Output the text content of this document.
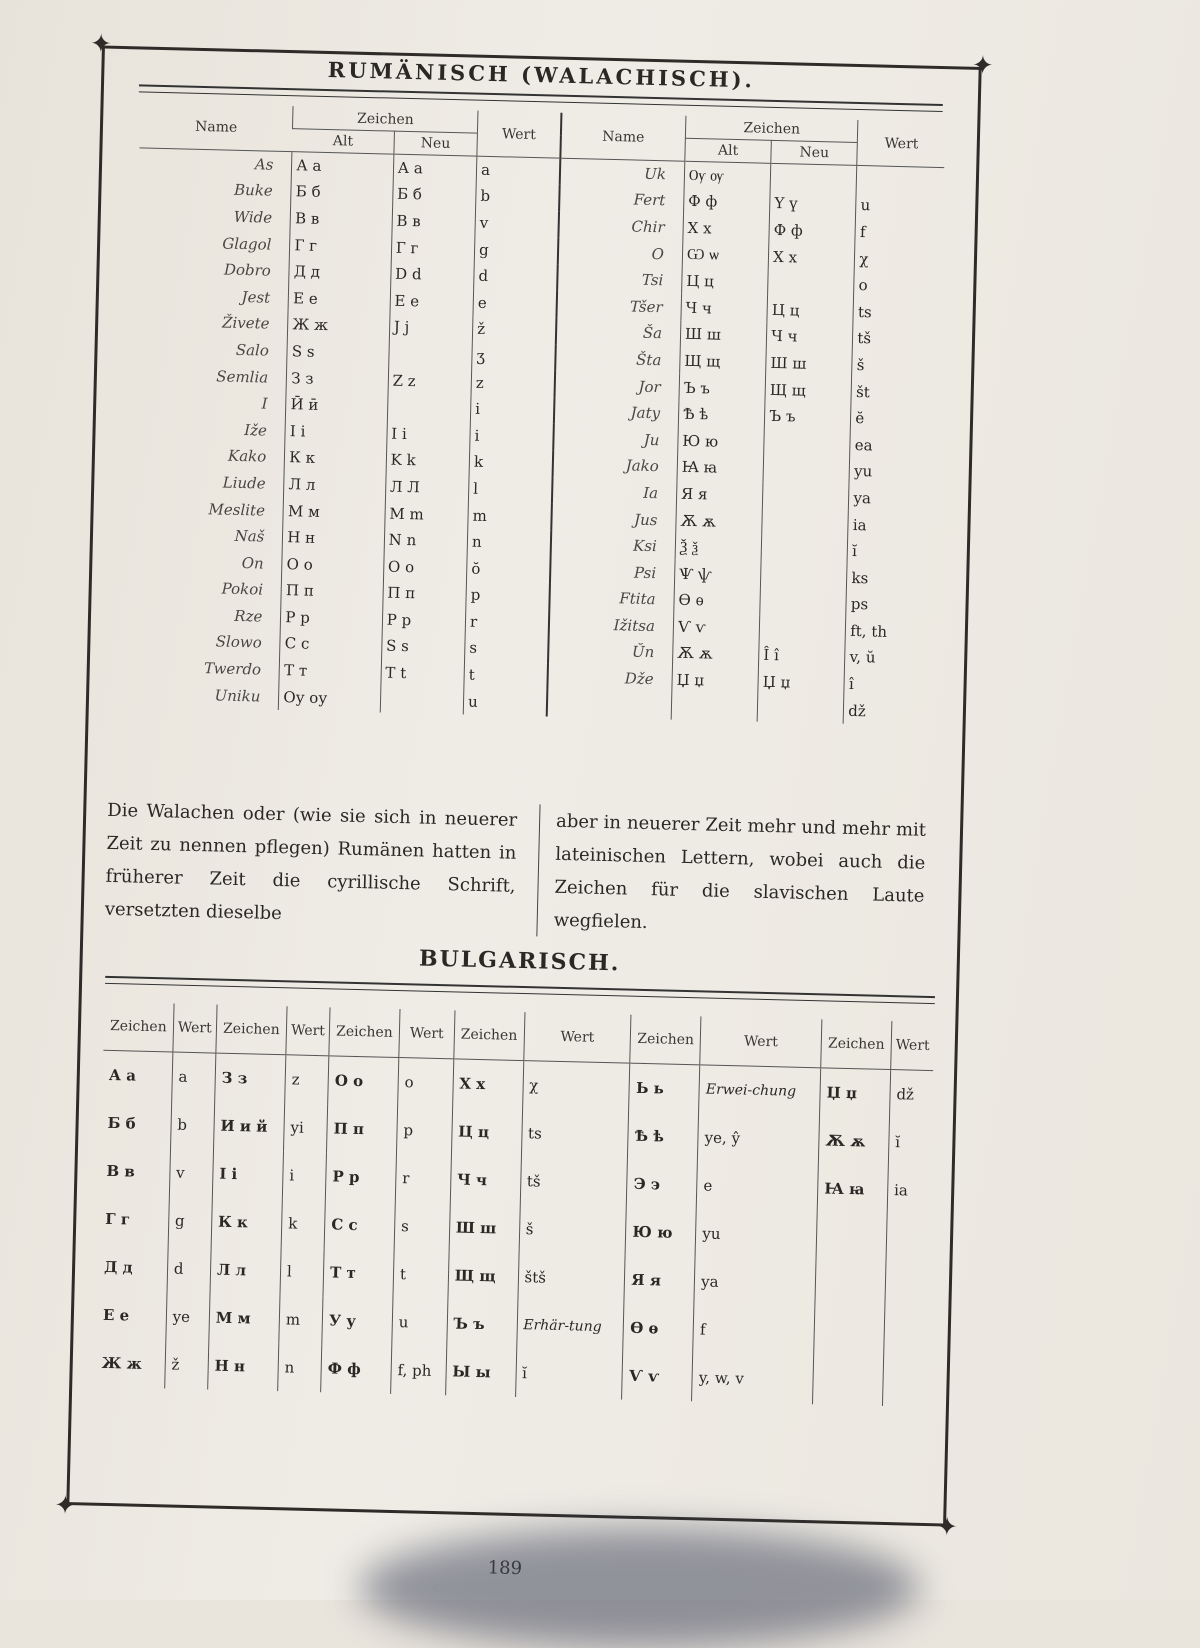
✦
✦
✦
✦
RUMÄNISCH (WALACHISCH).
Name	Zeichen		Wert	Name	Zeichen		Wert
	Alt	Neu			Alt	Neu	
As	А а	А а	a	Uk	Ѹ ѹ		
Buke	Б б	Б б	b	Fert	Ф ф	Ү ү	u
Wide	В в	В в	v	Chir	Х х	Ф ф	f
Glagol	Г г	Г г	g	O	Ѡ ѡ	Х х	χ
Dobro	Д д	D d	d	Tsi	Ц ц		o
Jest	Е е	Е е	e	Tšer	Ч ч	Ц ц	ts
Živete	Ж ж	J j	ž	Ša	Ш ш	Ч ч	tš
Salo	Ѕ ѕ		ʒ	Šta	Щ щ	Ш ш	š
Semlia	З з	Z z	z	Jor	Ъ ъ	Щ щ	št
I	Ӣ ӣ		i	Jaty	Ѣ ѣ	Ъ ъ	ĕ
Iže	І і	І і	i	Ju	Ю ю		ea
Kako	К к	K k	k	Jako	Ꙗ ꙗ		yu
Liude	Л л	Л Л	l	Ia	Я я		ya
Meslite	М м	M m	m	Jus	Ѫ ѫ		ia
Naš	Н н	N n	n	Ksi	Ѯ ѯ		ĭ
On	О о	О о	ŏ	Psi	Ѱ ѱ		ks
Pokoi	П п	П п	p	Ftita	Ѳ ѳ		ps
Rze	Р р	P p	r	Ižitsa	Ѵ ѵ		ft, th
Slowo	С с	S s	s	Ŭn	Ѫ ѫ	Î î	v, ŭ
Twerdo	Т т	T t	t	Dže	Џ џ	Џ џ	î
Uniku	Оу оу		u				dž
Die Walachen oder (wie sie sich in neuerer Zeit zu nennen pflegen) Rumänen hatten in früherer Zeit die cyrillische Schrift, versetzten dieselbe
aber in neuerer Zeit mehr und mehr mit lateinischen Lettern, wobei auch die Zeichen für die slavischen Laute wegfielen.
BULGARISCH.
Zeichen	Wert	Zeichen	Wert	Zeichen	Wert	Zeichen	Wert	Zeichen	Wert	Zeichen	Wert
А а	a	З з	z	О о	o	Х х	χ	Ь ь	Erwei-chung	Џ џ	dž
Б б	b	И и й	yi	П п	p	Ц ц	ts	Ѣ ѣ	ye, ŷ	Ѫ ѫ	ĭ
В в	v	І і	i	Р р	r	Ч ч	tš	Э э	e	Ꙗ ꙗ	ia
Г г	g	К к	k	С с	s	Ш ш	š	Ю ю	yu		
Д д	d	Л л	l	Т т	t	Щ щ	štš	Я я	ya		
Е е	ye	М м	m	У у	u	Ъ ъ	Erhär-tung	Ѳ ѳ	f		
Ж ж	ž	Н н	n	Ф ф	f, ph	Ы ы	ĭ	Ѵ ѵ	y, w, v		
